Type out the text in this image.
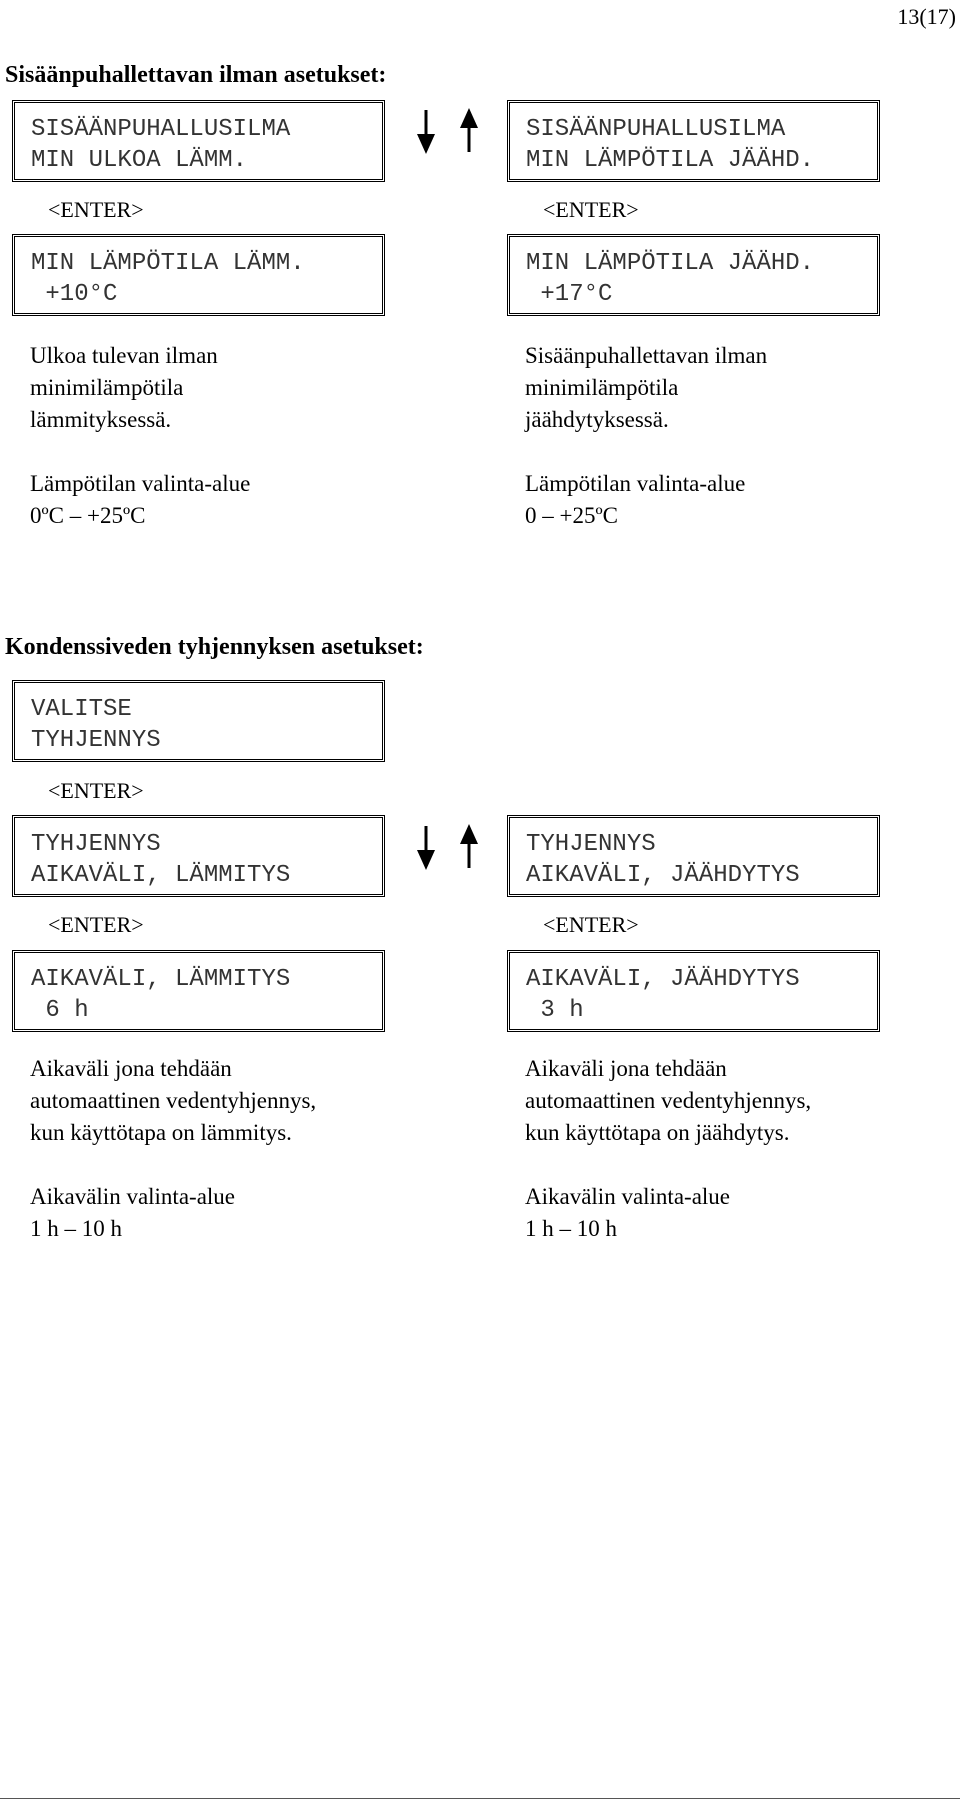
13(17)
Sisäänpuhallettavan ilman asetukset:
SISÄÄNPUHALLUSILMA
MIN ULKOA LÄMM.
<ENTER>
MIN LÄMPÖTILA LÄMM.
+10°C
Ulkoa tulevan ilman
minimilämpötila
lämmityksessä.
Lämpötilan valinta-alue
0ºC – +25ºC
SISÄÄNPUHALLUSILMA
MIN LÄMPÖTILA JÄÄHD.
<ENTER>
MIN LÄMPÖTILA JÄÄHD.
+17°C
Sisäänpuhallettavan ilman
minimilämpötila
jäähdytyksessä.
Lämpötilan valinta-alue
0 – +25ºC
Kondenssiveden tyhjennyksen asetukset:
VALITSE
TYHJENNYS
<ENTER>
TYHJENNYS
AIKAVÄLI, LÄMMITYS
<ENTER>
AIKAVÄLI, LÄMMITYS
6 h
Aikaväli jona tehdään
automaattinen vedentyhjennys,
kun käyttötapa on lämmitys.
Aikavälin valinta-alue
1 h – 10 h
TYHJENNYS
AIKAVÄLI, JÄÄHDYTYS
<ENTER>
AIKAVÄLI, JÄÄHDYTYS
3 h
Aikaväli jona tehdään
automaattinen vedentyhjennys,
kun käyttötapa on jäähdytys.
Aikavälin valinta-alue
1 h – 10 h
